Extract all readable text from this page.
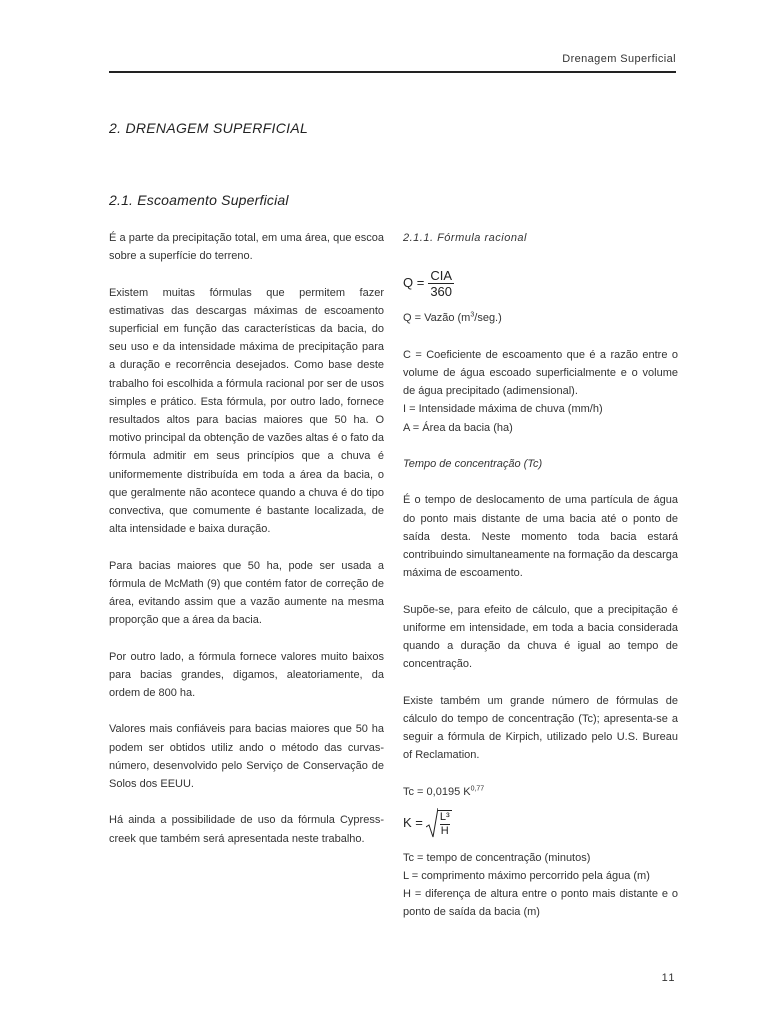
Drenagem Superficial
2. DRENAGEM SUPERFICIAL
2.1. Escoamento Superficial

É a parte da precipitação total, em uma área, que escoa sobre a superfície do terreno.

Existem muitas fórmulas que permitem fazer estimativas das descargas máximas de escoamento superficial em função das características da bacia, do seu uso e da intensidade máxima de precipitação para a duração e recorrência desejados. Como base deste trabalho foi escolhida a fórmula racional por ser de usos simples e prático. Esta fórmula, por outro lado, fornece resultados altos para bacias maiores que 50 ha. O motivo principal da obtenção de vazões altas é o fato da fórmula admitir em seus princípios que a chuva é uniformemente distribuída em toda a área da bacia, o que geralmente não acontece quando a chuva é do tipo convectiva, que comumente é bastante localizada, de alta intensidade e baixa duração.

Para bacias maiores que 50 ha, pode ser usada a fórmula de McMath (9) que contém fator de correção de área, evitando assim que a vazão aumente na mesma proporção que a área da bacia.

Por outro lado, a fórmula fornece valores muito baixos para bacias grandes, digamos, aleatoriamente, da ordem de 800 ha.

Valores mais confiáveis para bacias maiores que 50 ha podem ser obtidos utiliz ando o método das curvas-número, desenvolvido pelo Serviço de Conservação de Solos dos EEUU.

Há ainda a possibilidade de uso da fórmula Cypress-creek que também será apresentada neste trabalho.

2.1.1. Fórmula racional

$Q = \frac{\text{CIA}}{360}$

Q = Vazão $(m^3/seg.)$

C = Coeficiente de escoamento que é a razão entre o volume de água escoado superficialmente e o volume de água precipitado (adimensional).

I = Intensidade máxima de chuva (mm/h)

A = Área da bacia (ha)

Tempo de concentração (Tc)

É o tempo de deslocamento de uma partícula de água do ponto mais distante de uma bacia até o ponto de saída desta. Neste momento toda bacia estará contribuindo simultaneamente na formação da descarga máxima de escoamento.

Supõe-se, para efeito de cálculo, que a precipitação é uniforme em intensidade, em toda a bacia considerada quando a duração da chuva é igual ao tempo de concentração.

Existe também um grande número de fórmulas de cálculo do tempo de concentração (Tc); apresenta-se a seguir a fórmula de Kirpich, utilizado pelo U.S. Bureau of Reclamation.

Tc = 0,0195 K$^{0,77}$

$K = \frac{\text{L³}}{H}$

Tc = tempo de concentração (minutos)

L = comprimento máximo percorrido pela água (m)

H = diferença de altura entre o ponto mais distante e o ponto de saída da bacia (m)

11
